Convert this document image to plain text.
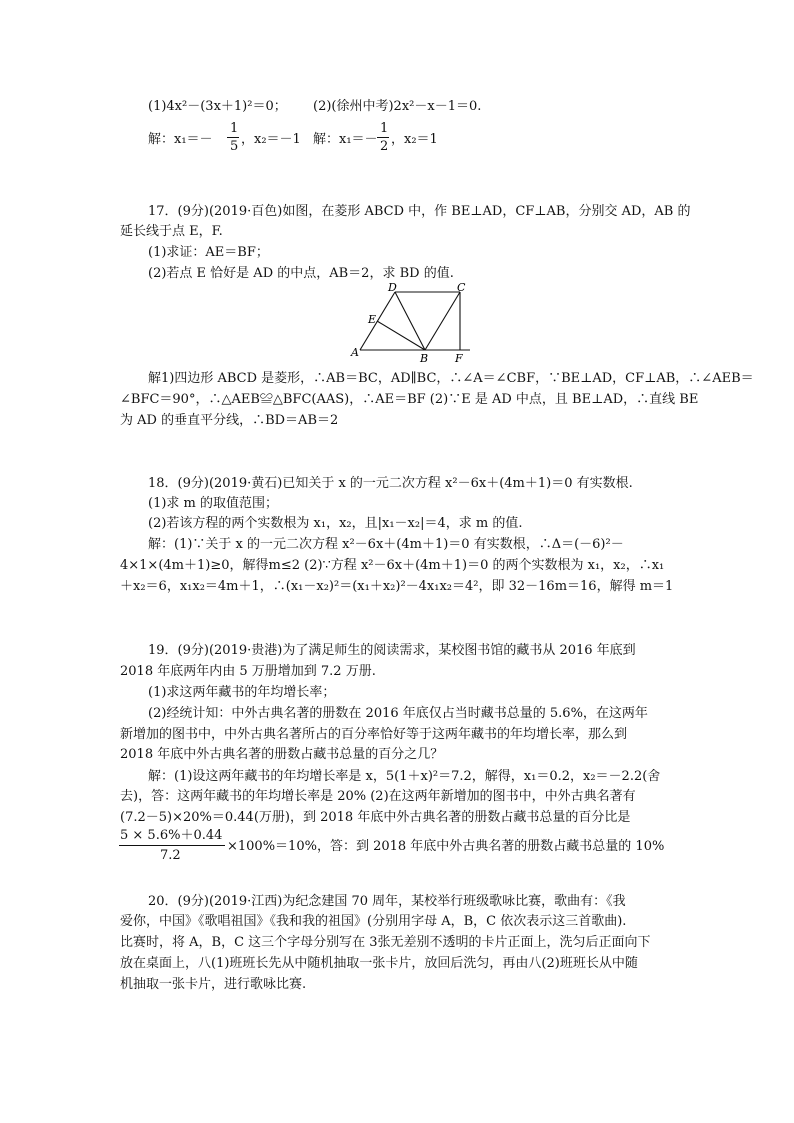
(1)4x²－(3x＋1)²＝0； (2)(徐州中考)2x²－x－1＝0.
解：x₁＝－
1
5 ，x₂＝－1 解：x₁＝－
1
2 ，x₂＝1
17．(9分)(2019·百色)如图，在菱形 ABCD 中，作 BE⊥AD，CF⊥AB，分别交 AD，AB 的
延长线于点 E，F.
(1)求证：AE＝BF；
(2)若点 E 恰好是 AD 的中点，AB＝2，求 BD 的值.
A	B
C
D
E
F
解1)四边形 ABCD 是菱形，∴AB＝BC，AD∥BC，∴∠A＝∠CBF，∵BE⊥AD，CF⊥AB，∴∠AEB＝
∠BFC＝90°，∴△AEB≌△BFC(AAS)，∴AE＝BF (2)∵E 是 AD 中点，且 BE⊥AD，∴直线 BE
为 AD 的垂直平分线，∴BD＝AB＝2
18．(9分)(2019·黄石)已知关于 x 的一元二次方程 x²－6x＋(4m＋1)＝0 有实数根.
(1)求 m 的取值范围；
(2)若该方程的两个实数根为 x₁，x₂，且|x₁－x₂|＝4，求 m 的值.
解：(1)∵关于 x 的一元二次方程 x²－6x＋(4m＋1)＝0 有实数根，∴Δ＝(－6)²－
4×1×(4m＋1)≥0，解得m≤2 (2)∵方程 x²－6x＋(4m＋1)＝0 的两个实数根为 x₁，x₂，∴x₁
＋x₂＝6，x₁x₂＝4m＋1，∴(x₁－x₂)²＝(x₁＋x₂)²－4x₁x₂＝4²，即 32－16m＝16，解得 m＝1
19．(9分)(2019·贵港)为了满足师生的阅读需求，某校图书馆的藏书从 2016 年底到
2018 年底两年内由 5 万册增加到 7.2 万册.
(1)求这两年藏书的年均增长率；
(2)经统计知：中外古典名著的册数在 2016 年底仅占当时藏书总量的 5.6%，在这两年
新增加的图书中，中外古典名著所占的百分率恰好等于这两年藏书的年均增长率，那么到
2018 年底中外古典名著的册数占藏书总量的百分之几？
解：(1)设这两年藏书的年均增长率是 x，5(1＋x)²＝7.2，解得，x₁＝0.2，x₂＝－2.2(舍
去)，答：这两年藏书的年均增长率是 20% (2)在这两年新增加的图书中，中外古典名著有
(7.2－5)×20%＝0.44(万册)，到 2018 年底中外古典名著的册数占藏书总量的百分比是
5 × 5.6%＋0.44
7.2
×100%＝10%，答：到 2018 年底中外古典名著的册数占藏书总量的 10%
20．(9分)(2019·江西)为纪念建国 70 周年，某校举行班级歌咏比赛，歌曲有：《我
爱你，中国》《歌唱祖国》《我和我的祖国》(分别用字母 A，B，C 依次表示这三首歌曲).
比赛时，将 A，B，C 这三个字母分别写在 3张无差别不透明的卡片正面上，洗匀后正面向下
放在桌面上，八(1)班班长先从中随机抽取一张卡片，放回后洗匀，再由八(2)班班长从中随
机抽取一张卡片，进行歌咏比赛.
